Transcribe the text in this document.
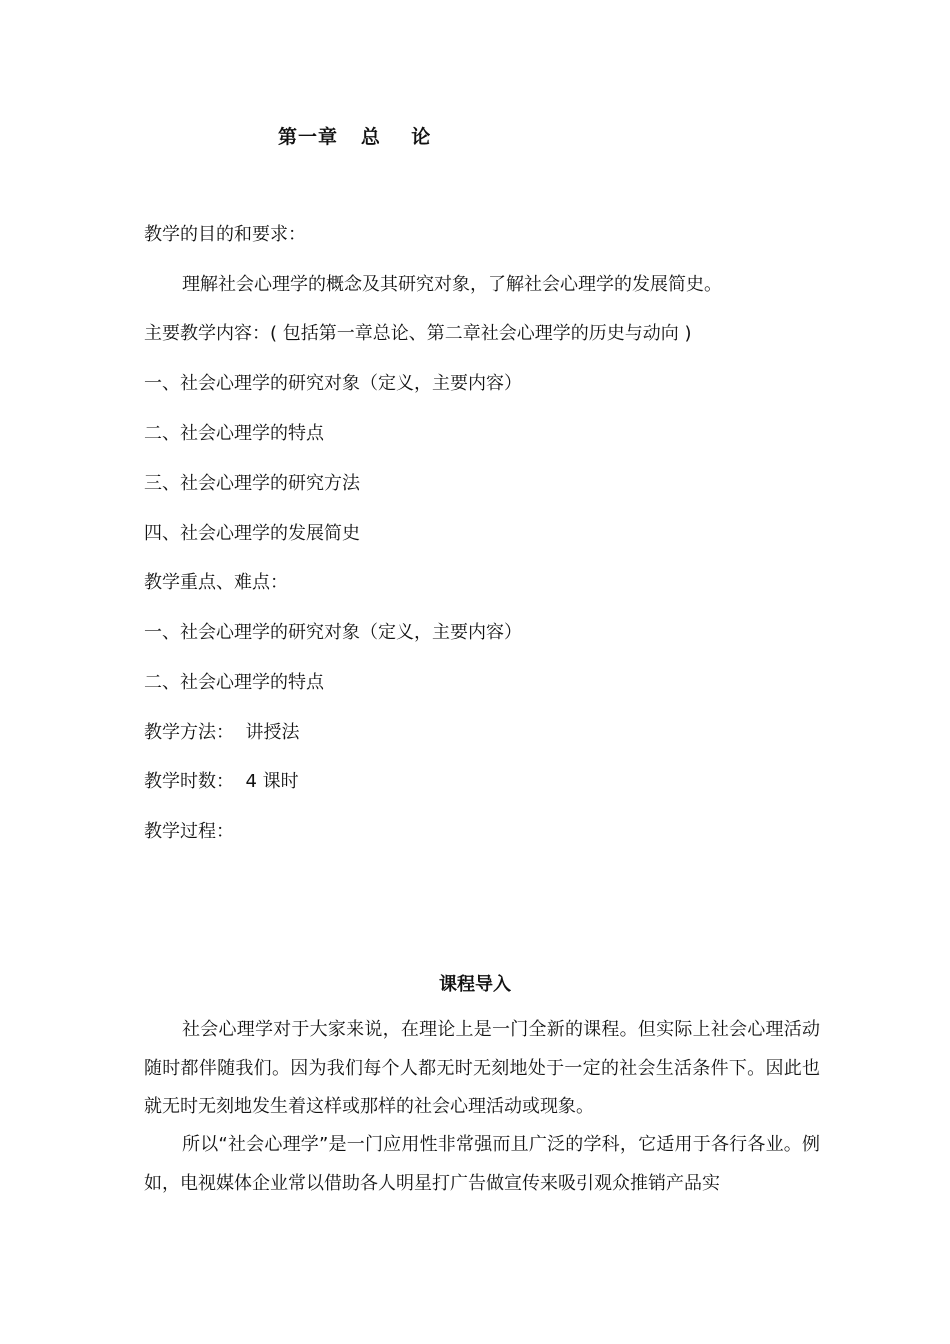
第一章   总    论
教学的目的和要求：
理解社会心理学的概念及其研究对象，了解社会心理学的发展简史。
主要教学内容：( 包括第一章总论、第二章社会心理学的历史与动向 )
一、社会心理学的研究对象（定义，主要内容）
二、社会心理学的特点
三、社会心理学的研究方法
四、社会心理学的发展简史
教学重点、难点：
一、社会心理学的研究对象（定义，主要内容）
二、社会心理学的特点
教学方法：  讲授法
教学时数：  4 课时
教学过程：
课程导入
社会心理学对于大家来说，在理论上是一门全新的课程。但实际上社会心理活动随时都伴随我们。因为我们每个人都无时无刻地处于一定的社会生活条件下。因此也就无时无刻地发生着这样或那样的社会心理活动或现象。
所以“社会心理学”是一门应用性非常强而且广泛的学科，它适用于各行各业。例如，电视媒体企业常以借助各人明星打广告做宣传来吸引观众推销产品实
